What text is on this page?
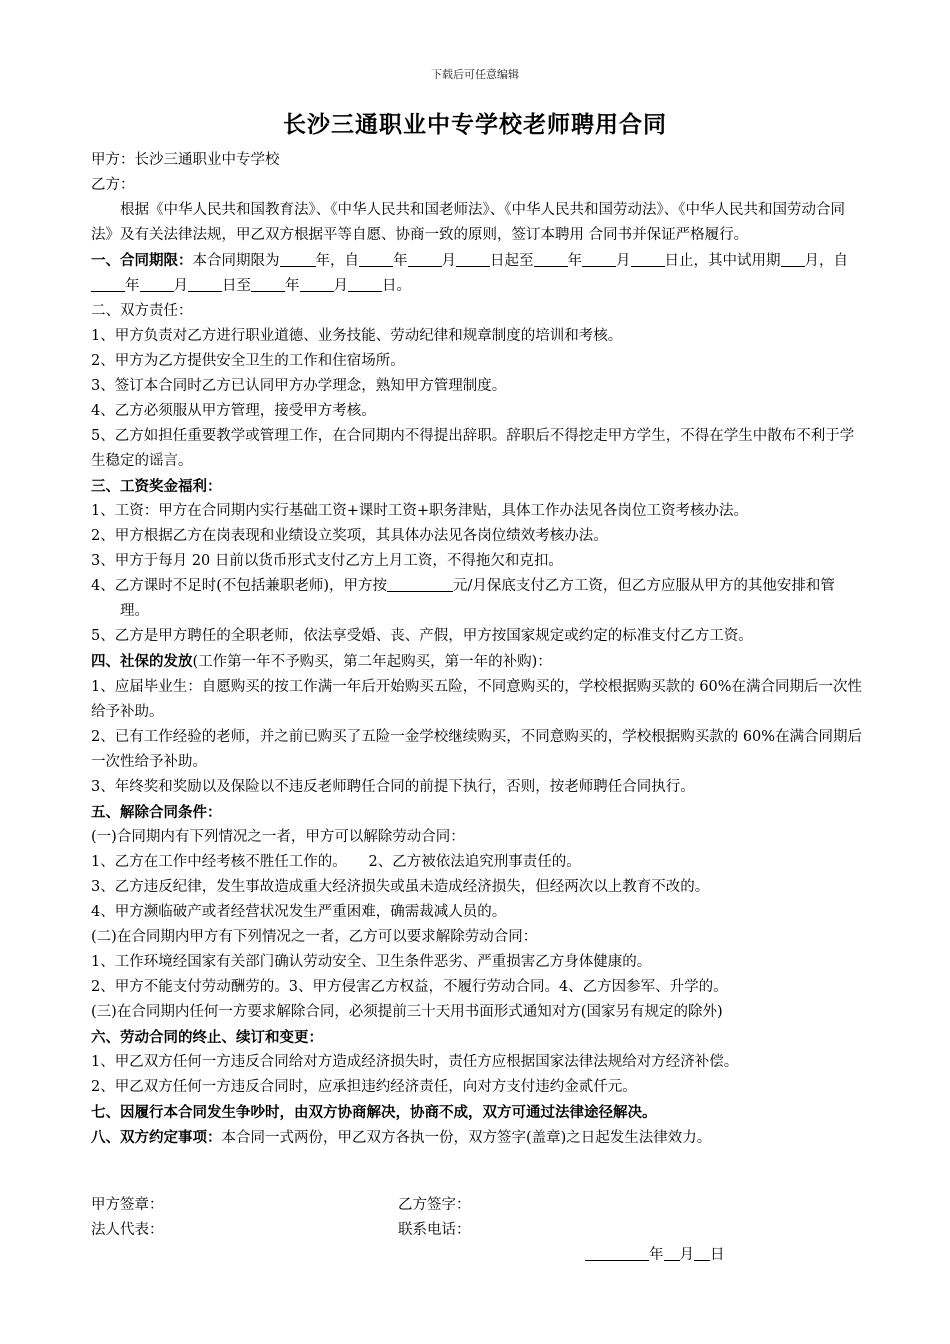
下载后可任意编辑
长沙三通职业中专学校老师聘用合同

甲方：长沙三通职业中专学校

乙方：

根据《中华人民共和国教育法》、《中华人民共和国老师法》、《中华人民共和国劳动法》、《中华人民共和国劳动合同法》及有关法律法规，甲乙双方根据平等自愿、协商一致的原则，签订本聘用 合同书并保证严格履行。

一、合同期限：本合同期限为 年，自 年 月 日起至 年 月 日止，其中试用期 月，自年 月 日至 年 月 日。

二、双方责任：

1、甲方负责对乙方进行职业道德、业务技能、劳动纪律和规章制度的培训和考核。

2、甲方为乙方提供安全卫生的工作和住宿场所。

3、签订本合同时乙方已认同甲方办学理念，熟知甲方管理制度。

4、乙方必须服从甲方管理，接受甲方考核。

5、乙方如担任重要教学或管理工作，在合同期内不得提出辞职。辞职后不得挖走甲方学生，不得在学生中散布不利于学生稳定的谣言。

三、工资奖金福利：

1、工资：甲方在合同期内实行基础工资+课时工资+职务津贴，具体工作办法见各岗位工资考核办法。

2、甲方根据乙方在岗表现和业绩设立奖项，其具体办法见各岗位绩效考核办法。

3、甲方于每月 20 日前以货币形式支付乙方上月工资，不得拖欠和克扣。

4、乙方课时不足时(不包括兼职老师)，甲方按	元/月保底支付乙方工资，但乙方应服从甲方的其他安排和管理。

5、乙方是甲方聘任的全职老师，依法享受婚、丧、产假，甲方按国家规定或约定的标准支付乙方工资。

四、社保的发放(工作第一年不予购买，第二年起购买，第一年的补购)：

1、应届毕业生：自愿购买的按工作满一年后开始购买五险，不同意购买的，学校根据购买款的 60%在满合同期后一次性给予补助。

2、已有工作经验的老师，并之前已购买了五险一金学校继续购买，不同意购买的，学校根据购买款的 60%在满合同期后一次性给予补助。

3、年终奖和奖励以及保险以不违反老师聘任合同的前提下执行，否则，按老师聘任合同执行。

五、解除合同条件：

(一)合同期内有下列情况之一者，甲方可以解除劳动合同：

1、乙方在工作中经考核不胜任工作的。　　2、乙方被依法追究刑事责任的。

3、乙方违反纪律，发生事故造成重大经济损失或虽未造成经济损失，但经两次以上教育不改的。

4、甲方濒临破产或者经营状况发生严重困难，确需裁减人员的。

(二)在合同期内甲方有下列情况之一者，乙方可以要求解除劳动合同：

1、工作环境经国家有关部门确认劳动安全、卫生条件恶劣、严重损害乙方身体健康的。

2、甲方不能支付劳动酬劳的。3、甲方侵害乙方权益，不履行劳动合同。4、乙方因参军、升学的。

(三)在合同期内任何一方要求解除合同，必须提前三十天用书面形式通知对方(国家另有规定的除外)

六、劳动合同的终止、续订和变更：

1、甲乙双方任何一方违反合同给对方造成经济损失时，责任方应根据国家法律法规给对方经济补偿。

2、甲乙双方任何一方违反合同时，应承担违约经济责任，向对方支付违约金贰仟元。

七、因履行本合同发生争吵时，由双方协商解决，协商不成，双方可通过法律途径解决。

八、双方约定事项：本合同一式两份，甲乙双方各执一份，双方签字(盖章)之日起发生法律效力。

甲方签章：	乙方签字：
法人代表：	联系电话：
年 月 日
